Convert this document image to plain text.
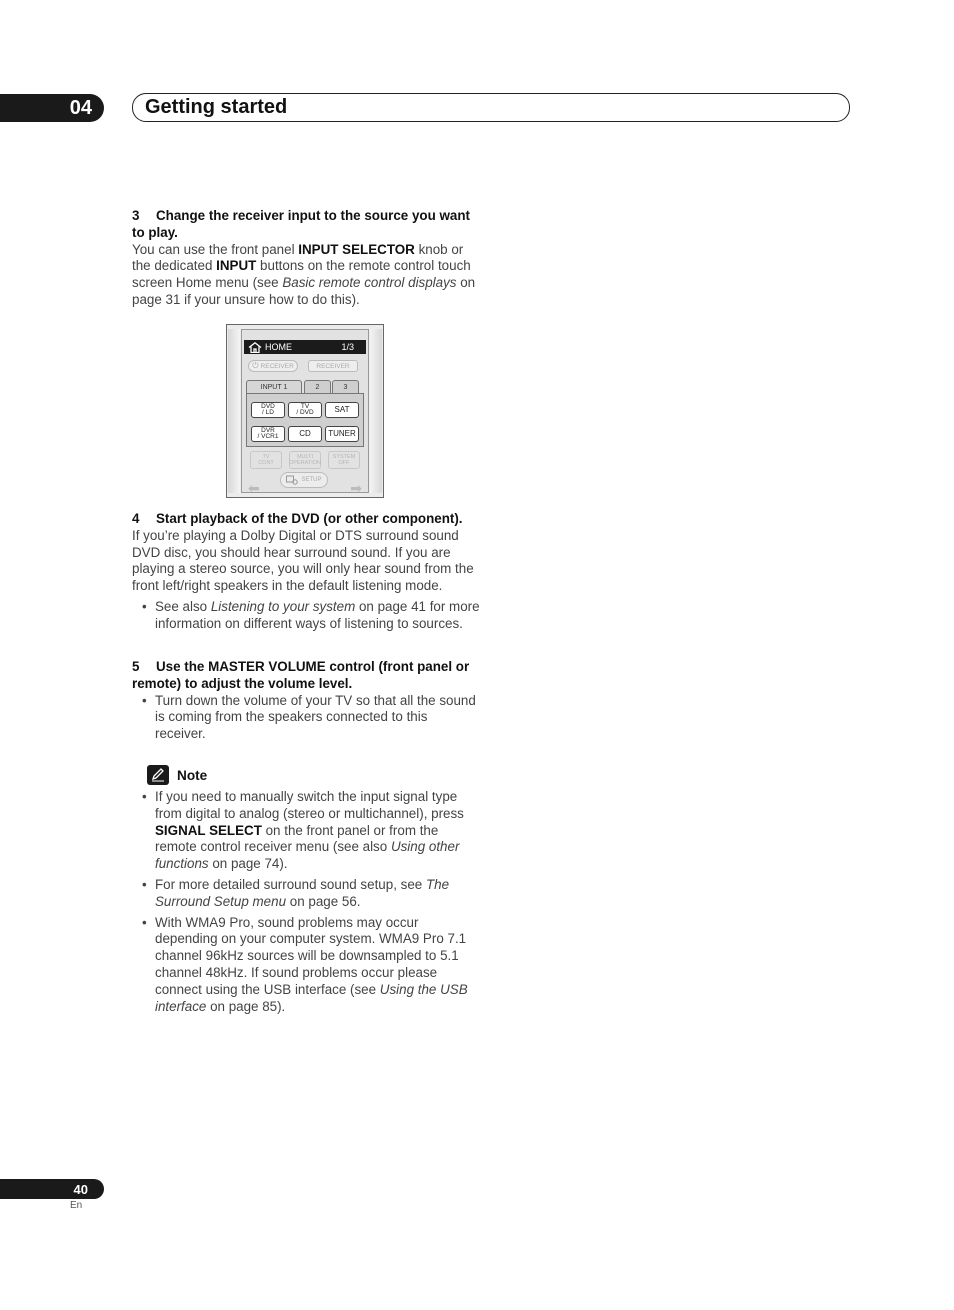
04	Getting started
3 Change the receiver input to the source you want to play.
You can use the front panel INPUT SELECTOR knob or the dedicated INPUT buttons on the remote control touch screen Home menu (see Basic remote control displays on page 31 if your unsure how to do this).
HOME	1/3
⏻ RECEIVER	RECEIVER
INPUT 1	2	3
DVD
/ LD
TV
/ DVD	SAT
DVR
/ VCR1	CD	TUNER
TV
CONT
MULTI
OPERATION
SYSTEM
OFF
SETUP
⬅	➡
4 Start playback of the DVD (or other component).
If you’re playing a Dolby Digital or DTS surround sound DVD disc, you should hear surround sound. If you are playing a stereo source, you will only hear sound from the front left/right speakers in the default listening mode.
• See also Listening to your system on page 41 for more information on different ways of listening to sources.
5 Use the MASTER VOLUME control (front panel or remote) to adjust the volume level.
• Turn down the volume of your TV so that all the sound is coming from the speakers connected to this receiver.
Note
• If you need to manually switch the input signal type from digital to analog (stereo or multichannel), press SIGNAL SELECT on the front panel or from the remote control receiver menu (see also Using other functions on page 74).
• For more detailed surround sound setup, see The Surround Setup menu on page 56.
• With WMA9 Pro, sound problems may occur depending on your computer system. WMA9 Pro 7.1 channel 96kHz sources will be downsampled to 5.1 channel 48kHz. If sound problems occur please connect using the USB interface (see Using the USB interface on page 85).
40
En
